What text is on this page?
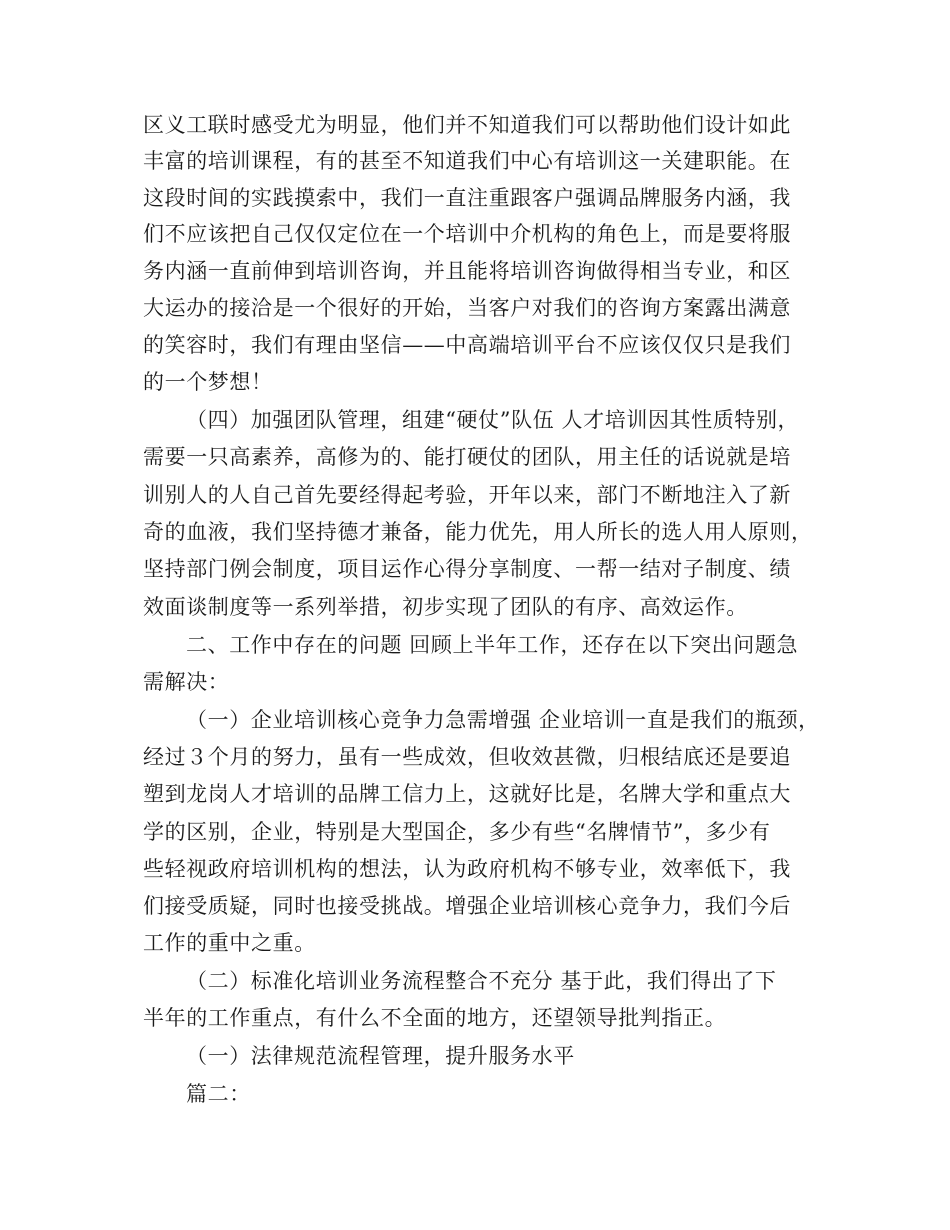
区义工联时感受尤为明显，他们并不知道我们可以帮助他们设计如此
丰富的培训课程，有的甚至不知道我们中心有培训这一关建职能。在
这段时间的实践摸索中，我们一直注重跟客户强调品牌服务内涵，我
们不应该把自己仅仅定位在一个培训中介机构的角色上，而是要将服
务内涵一直前伸到培训咨询，并且能将培训咨询做得相当专业，和区
大运办的接洽是一个很好的开始，当客户对我们的咨询方案露出满意
的笑容时，我们有理由坚信——中高端培训平台不应该仅仅只是我们
的一个梦想！
（四）加强团队管理，组建“硬仗”队伍 人才培训因其性质特别，
需要一只高素养，高修为的、能打硬仗的团队，用主任的话说就是培
训别人的人自己首先要经得起考验，开年以来，部门不断地注入了新
奇的血液，我们坚持德才兼备，能力优先，用人所长的选人用人原则，
坚持部门例会制度，项目运作心得分享制度、一帮一结对子制度、绩
效面谈制度等一系列举措，初步实现了团队的有序、高效运作。
二、工作中存在的问题 回顾上半年工作，还存在以下突出问题急
需解决：
（一）企业培训核心竞争力急需增强 企业培训一直是我们的瓶颈，
经过３个月的努力，虽有一些成效，但收效甚微，归根结底还是要追
塑到龙岗人才培训的品牌工信力上，这就好比是，名牌大学和重点大
学的区别，企业，特别是大型国企，多少有些“名牌情节”，多少有
些轻视政府培训机构的想法，认为政府机构不够专业，效率低下，我
们接受质疑，同时也接受挑战。增强企业培训核心竞争力，我们今后
工作的重中之重。
（二）标准化培训业务流程整合不充分 基于此，我们得出了下
半年的工作重点，有什么不全面的地方，还望领导批判指正。
（一）法律规范流程管理，提升服务水平
篇二：
